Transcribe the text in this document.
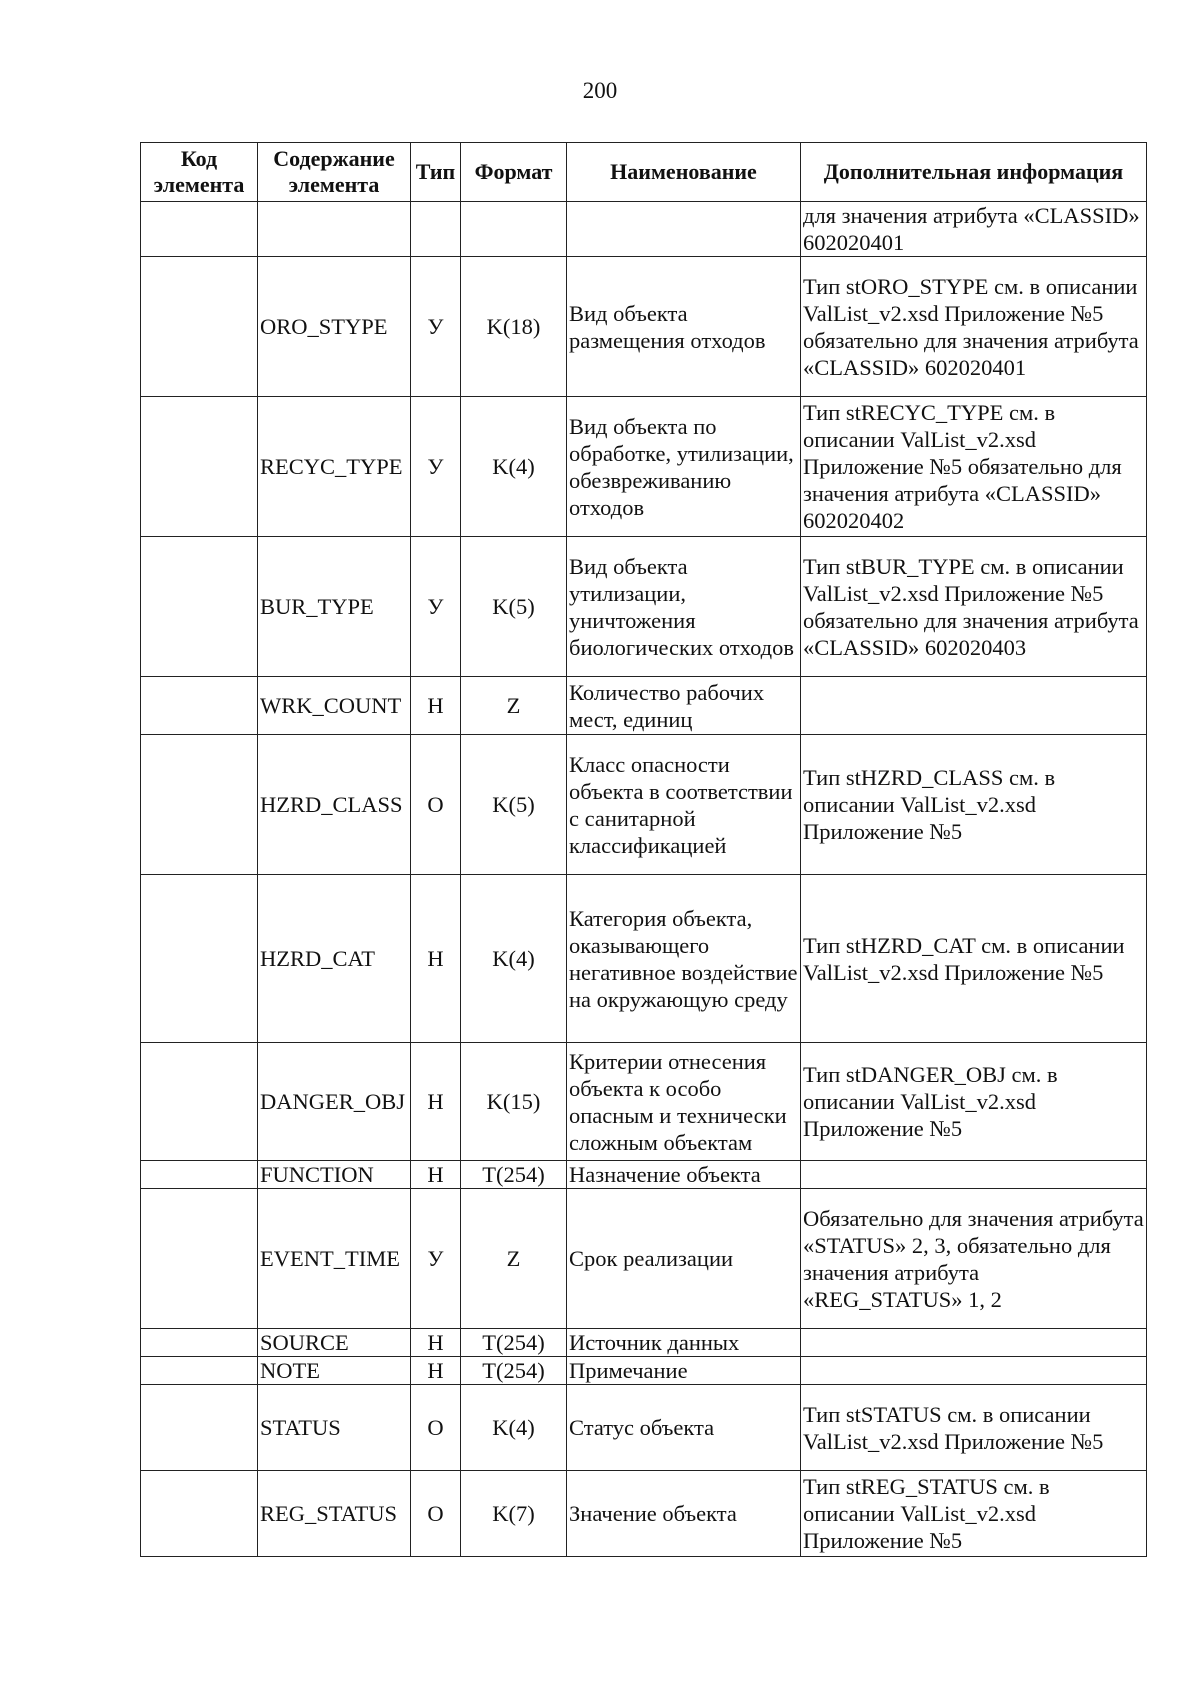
200
Код элемента	Содержание элемента	Тип	Формат	Наименование	Дополнительная информация
					для значения атрибута «CLASSID» 602020401
	ORO_STYPE	У	K(18)	Вид объекта размещения отходов	Тип stORO_STYPE см. в описании ValList_v2.xsd Приложение №5 обязательно для значения атрибута «CLASSID» 602020401
	RECYC_TYPE	У	K(4)	Вид объекта по обработке, утилизации, обезвреживанию отходов	Тип stRECYC_TYPE см. в описании ValList_v2.xsd Приложение №5 обязательно для значения атрибута «CLASSID» 602020402
	BUR_TYPE	У	K(5)	Вид объекта утилизации, уничтожения биологических отходов	Тип stBUR_TYPE см. в описании ValList_v2.xsd Приложение №5 обязательно для значения атрибута «CLASSID» 602020403
	WRK_COUNT	Н	Z	Количество рабочих мест, единиц	
	HZRD_CLASS	О	K(5)	Класс опасности объекта в соответствии с санитарной классификацией	Тип stHZRD_CLASS см. в описании ValList_v2.xsd Приложение №5
	HZRD_CAT	Н	K(4)	Категория объекта, оказывающего негативное воздействие на окружающую среду	Тип stHZRD_CAT см. в описании ValList_v2.xsd Приложение №5
	DANGER_OBJ	Н	K(15)	Критерии отнесения объекта к особо опасным и технически сложным объектам	Тип stDANGER_OBJ см. в описании ValList_v2.xsd Приложение №5
	FUNCTION	Н	T(254)	Назначение объекта	
	EVENT_TIME	У	Z	Срок реализации	Обязательно для значения атрибута «STATUS» 2, 3, обязательно для значения атрибута «REG_STATUS» 1, 2
	SOURCE	Н	T(254)	Источник данных	
	NOTE	Н	T(254)	Примечание	
	STATUS	О	K(4)	Статус объекта	Тип stSTATUS см. в описании ValList_v2.xsd Приложение №5
	REG_STATUS	О	K(7)	Значение объекта	Тип stREG_STATUS см. в описании ValList_v2.xsd Приложение №5
